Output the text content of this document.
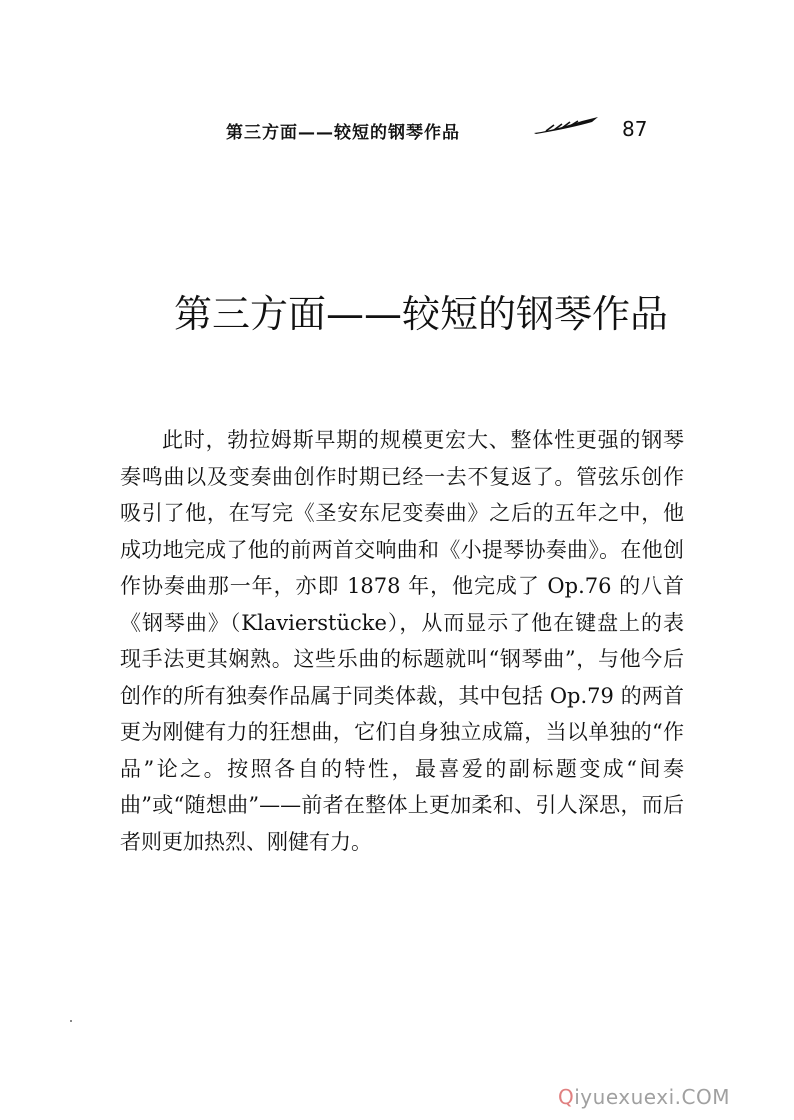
第三方面——较短的钢琴作品	87
第三方面——较短的钢琴作品

此时，勃拉姆斯早期的规模更宏大、整体性更强的钢琴奏鸣曲以及变奏曲创作时期已经一去不复返了。管弦乐创作吸引了他，在写完《圣安东尼变奏曲》之后的五年之中，他成功地完成了他的前两首交响曲和《小提琴协奏曲》。在他创作协奏曲那一年，亦即 1878 年，他完成了 Op.76 的八首《钢琴曲》（Klavierstücke），从而显示了他在键盘上的表现手法更其娴熟。这些乐曲的标题就叫“钢琴曲”，与他今后创作的所有独奏作品属于同类体裁，其中包括 Op.79 的两首更为刚健有力的狂想曲，它们自身独立成篇，当以单独的“作品”论之。按照各自的特性，最喜爱的副标题变成“间奏曲”或“随想曲”——前者在整体上更加柔和、引人深思，而后者则更加热烈、刚健有力。

Qiyuexuexi.COM
